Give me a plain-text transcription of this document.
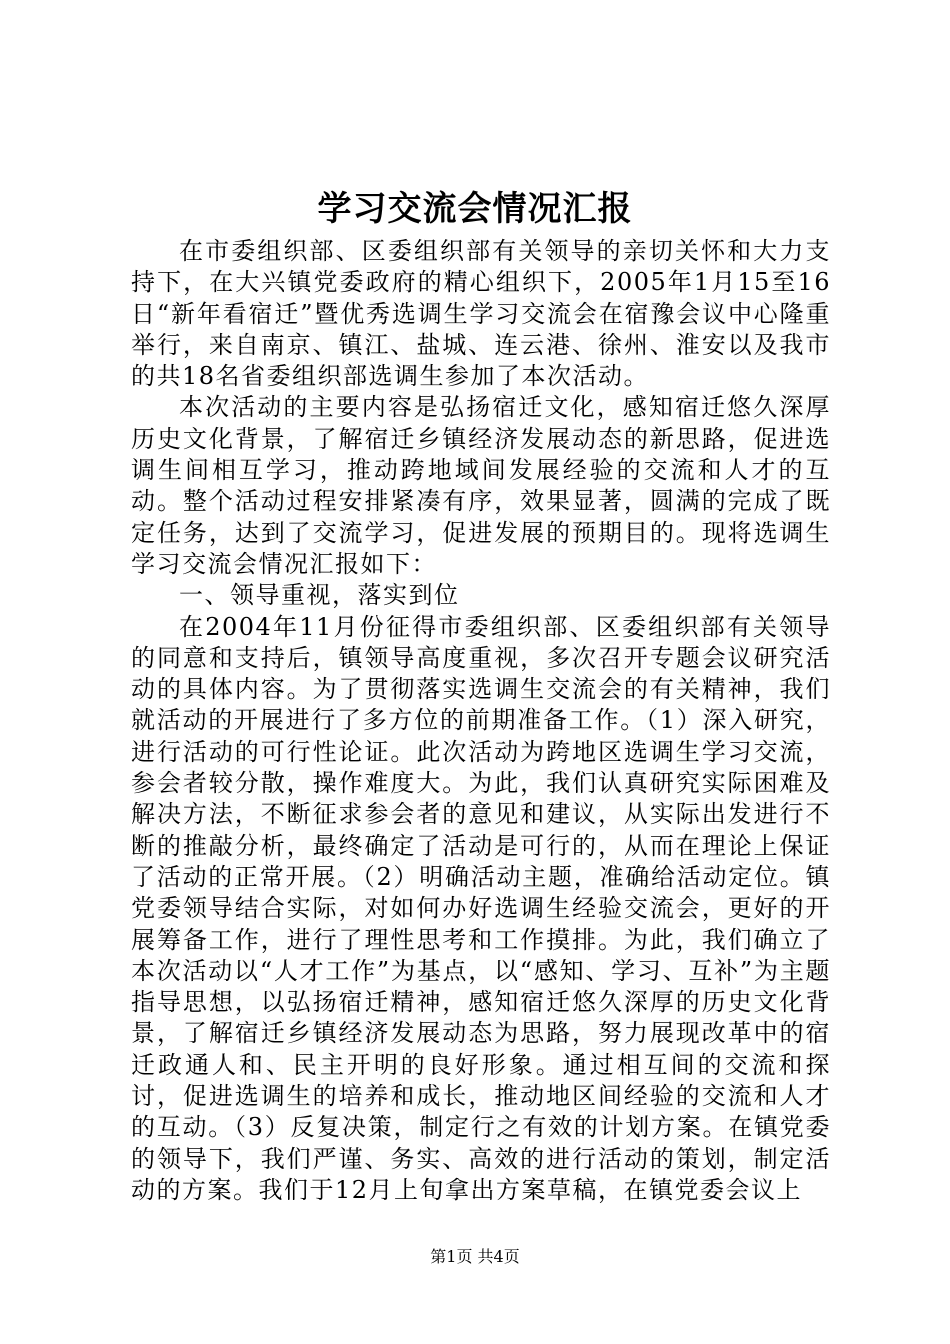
学习交流会情况汇报

在市委组织部、区委组织部有关领导的亲切关怀和大力支持下，在大兴镇党委政府的精心组织下，2005年1月15至16日“新年看宿迁”暨优秀选调生学习交流会在宿豫会议中心隆重举行，来自南京、镇江、盐城、连云港、徐州、淮安以及我市的共18名省委组织部选调生参加了本次活动。

本次活动的主要内容是弘扬宿迁文化，感知宿迁悠久深厚历史文化背景，了解宿迁乡镇经济发展动态的新思路，促进选调生间相互学习，推动跨地域间发展经验的交流和人才的互动。整个活动过程安排紧凑有序，效果显著，圆满的完成了既定任务，达到了交流学习，促进发展的预期目的。现将选调生学习交流会情况汇报如下：

一、领导重视，落实到位

在2004年11月份征得市委组织部、区委组织部有关领导的同意和支持后，镇领导高度重视，多次召开专题会议研究活动的具体内容。为了贯彻落实选调生交流会的有关精神，我们就活动的开展进行了多方位的前期准备工作。（1）深入研究，进行活动的可行性论证。此次活动为跨地区选调生学习交流，参会者较分散，操作难度大。为此，我们认真研究实际困难及解决方法，不断征求参会者的意见和建议，从实际出发进行不断的推敲分析，最终确定了活动是可行的，从而在理论上保证了活动的正常开展。（2）明确活动主题，准确给活动定位。镇党委领导结合实际，对如何办好选调生经验交流会，更好的开展筹备工作，进行了理性思考和工作摸排。为此，我们确立了本次活动以“人才工作”为基点，以“感知、学习、互补”为主题指导思想，以弘扬宿迁精神，感知宿迁悠久深厚的历史文化背景，了解宿迁乡镇经济发展动态为思路，努力展现改革中的宿迁政通人和、民主开明的良好形象。通过相互间的交流和探讨，促进选调生的培养和成长，推动地区间经验的交流和人才的互动。（3）反复决策，制定行之有效的计划方案。在镇党委的领导下，我们严谨、务实、高效的进行活动的策划，制定活动的方案。我们于12月上旬拿出方案草稿，在镇党委会议上

第1页 共4页
